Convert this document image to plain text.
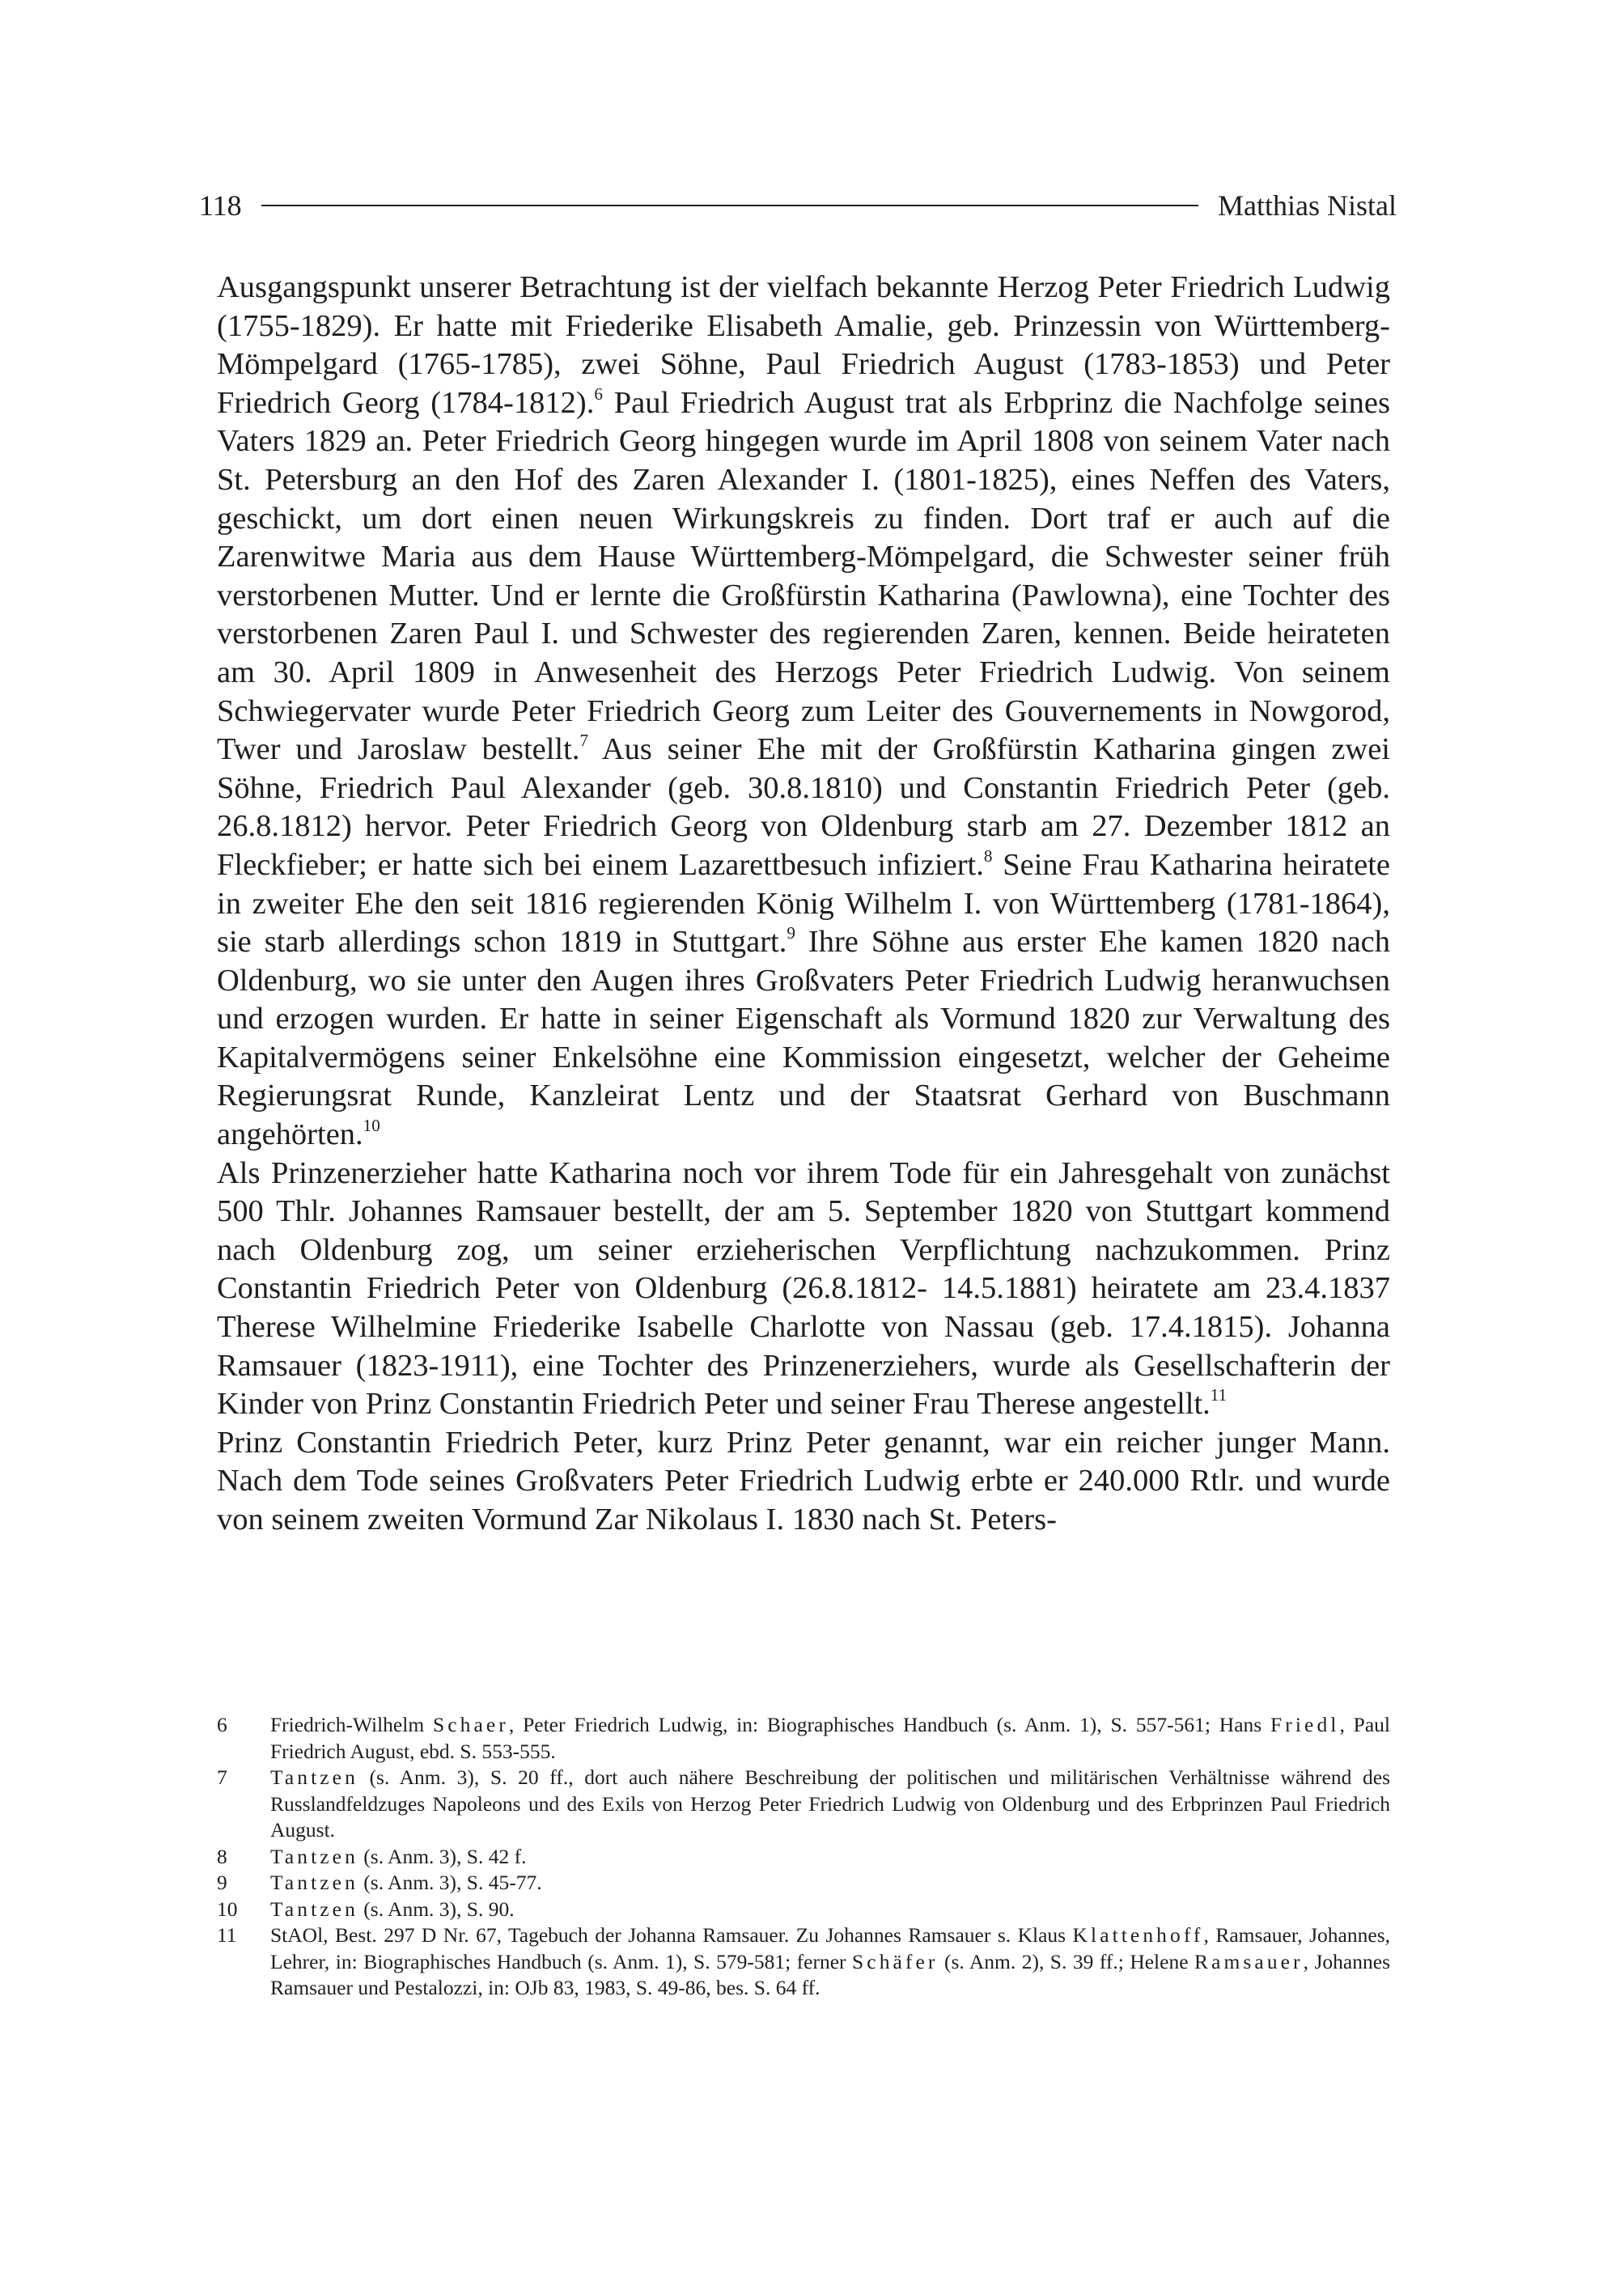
118	Matthias Nistal

Ausgangspunkt unserer Betrachtung ist der vielfach bekannte Herzog Peter Friedrich Ludwig (1755-1829). Er hatte mit Friederike Elisabeth Amalie, geb. Prinzessin von Württemberg-Mömpelgard (1765-1785), zwei Söhne, Paul Friedrich August (1783-1853) und Peter Friedrich Georg (1784-1812).$^6$ Paul Friedrich August trat als Erbprinz die Nachfolge seines Vaters 1829 an. Peter Friedrich Georg hingegen wurde im April 1808 von seinem Vater nach St. Petersburg an den Hof des Zaren Alexander I. (1801-1825), eines Neffen des Vaters, geschickt, um dort einen neuen Wirkungskreis zu finden. Dort traf er auch auf die Zarenwitwe Maria aus dem Hause Württemberg-Mömpelgard, die Schwester seiner früh verstorbenen Mutter. Und er lernte die Großfürstin Katharina (Pawlowna), eine Tochter des verstorbenen Zaren Paul I. und Schwester des regierenden Zaren, kennen. Beide heirateten am 30. April 1809 in Anwesenheit des Herzogs Peter Friedrich Ludwig. Von seinem Schwiegervater wurde Peter Friedrich Georg zum Leiter des Gouvernements in Nowgorod, Twer und Jaroslaw bestellt.$^7$ Aus seiner Ehe mit der Großfürstin Katharina gingen zwei Söhne, Friedrich Paul Alexander (geb. 30.8.1810) und Constantin Friedrich Peter (geb. 26.8.1812) hervor. Peter Friedrich Georg von Oldenburg starb am 27. Dezember 1812 an Fleckfieber; er hatte sich bei einem Lazarettbesuch infiziert.$^8$ Seine Frau Katharina heiratete in zweiter Ehe den seit 1816 regierenden König Wilhelm I. von Württemberg (1781-1864), sie starb allerdings schon 1819 in Stuttgart.$^9$ Ihre Söhne aus erster Ehe kamen 1820 nach Oldenburg, wo sie unter den Augen ihres Großvaters Peter Friedrich Ludwig heranwuchsen und erzogen wurden. Er hatte in seiner Eigenschaft als Vormund 1820 zur Verwaltung des Kapitalvermögens seiner Enkelsöhne eine Kommission eingesetzt, welcher der Geheime Regierungsrat Runde, Kanzleirat Lentz und der Staatsrat Gerhard von Buschmann angehörten.$^{10}$

Als Prinzenerzieher hatte Katharina noch vor ihrem Tode für ein Jahresgehalt von zunächst 500 Thlr. Johannes Ramsauer bestellt, der am 5. September 1820 von Stuttgart kommend nach Oldenburg zog, um seiner erzieherischen Verpflichtung nachzukommen. Prinz Constantin Friedrich Peter von Oldenburg (26.8.1812- 14.5.1881) heiratete am 23.4.1837 Therese Wilhelmine Friederike Isabelle Charlotte von Nassau (geb. 17.4.1815). Johanna Ramsauer (1823-1911), eine Tochter des Prinzenerziehers, wurde als Gesellschafterin der Kinder von Prinz Constantin Friedrich Peter und seiner Frau Therese angestellt.$^{11}$

Prinz Constantin Friedrich Peter, kurz Prinz Peter genannt, war ein reicher junger Mann. Nach dem Tode seines Großvaters Peter Friedrich Ludwig erbte er 240.000 Rtlr. und wurde von seinem zweiten Vormund Zar Nikolaus I. 1830 nach St. Peters-

6	Friedrich-Wilhelm Schaer, Peter Friedrich Ludwig, in: Biographisches Handbuch (s. Anm. 1), S. 557-561; Hans Friedl, Paul Friedrich August, ebd. S. 553-555.
7	Tantzen (s. Anm. 3), S. 20 ff., dort auch nähere Beschreibung der politischen und militärischen Verhältnisse während des Russlandfeldzuges Napoleons und des Exils von Herzog Peter Friedrich Ludwig von Oldenburg und des Erbprinzen Paul Friedrich August.
8	Tantzen (s. Anm. 3), S. 42 f.
9	Tantzen (s. Anm. 3), S. 45-77.
10	Tantzen (s. Anm. 3), S. 90.
11	StAOl, Best. 297 D Nr. 67, Tagebuch der Johanna Ramsauer. Zu Johannes Ramsauer s. Klaus Klattenhoff, Ramsauer, Johannes, Lehrer, in: Biographisches Handbuch (s. Anm. 1), S. 579-581; ferner Schäfer (s. Anm. 2), S. 39 ff.; Helene Ramsauer, Johannes Ramsauer und Pestalozzi, in: OJb 83, 1983, S. 49-86, bes. S. 64 ff.
